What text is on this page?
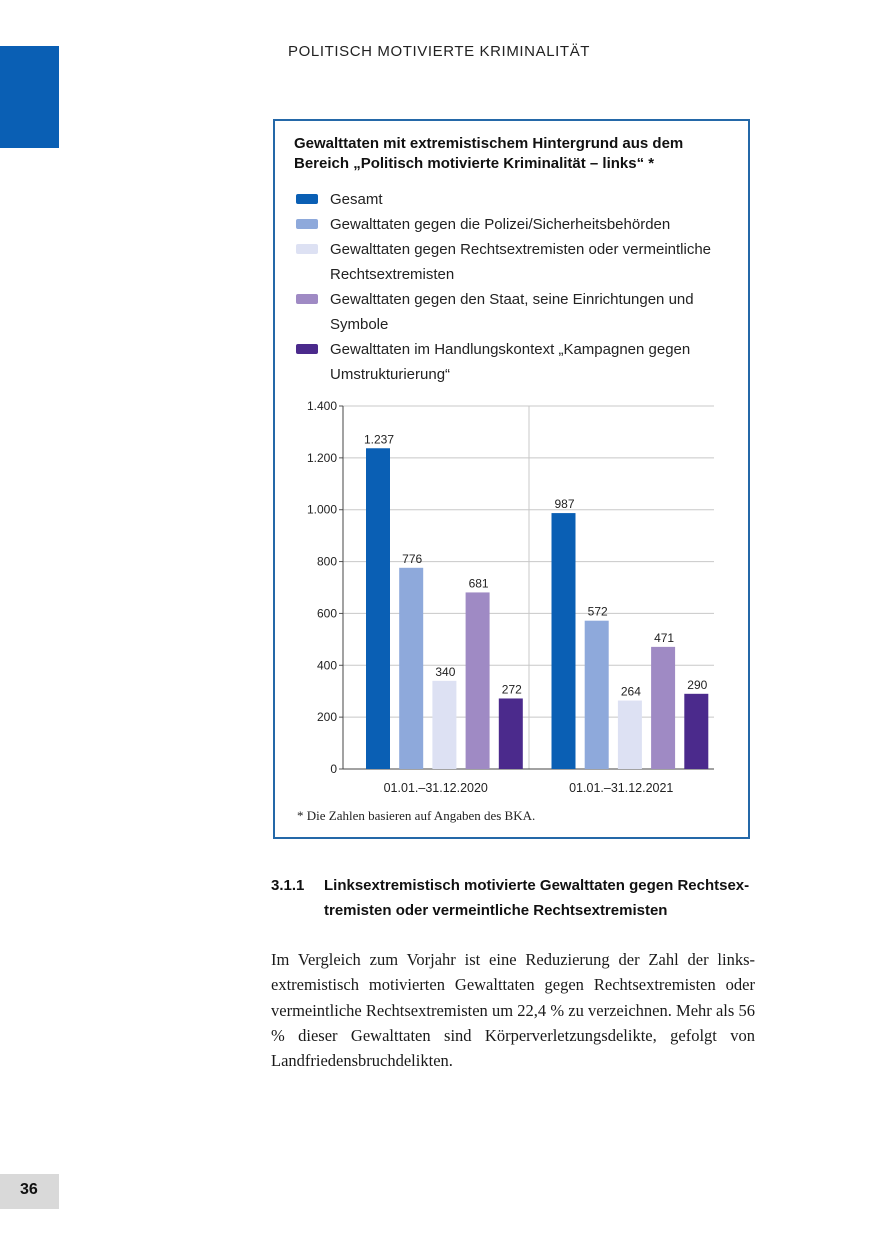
POLITISCH MOTIVIERTE KRIMINALITÄT
Gewalttaten mit extremistischem Hintergrund aus dem Bereich „Politisch motivierte Kriminalität – links“ *
Gesamt
Gewalttaten gegen die Polizei/Sicherheitsbehörden
Gewalttaten gegen Rechtsextremisten oder vermeintliche Rechtsextremisten
Gewalttaten gegen den Staat, seine Einrichtungen und Symbole
Gewalttaten im Handlungskontext „Kampagnen gegen Umstrukturierung“
0
200
400
600
800
1.000
1.200
1.400
1.237
776
340
681
272
01.01.–31.12.2020
987
572
264
471
290
01.01.–31.12.2021
* Die Zahlen basieren auf Angaben des BKA.
3.1.1 Linksextremistisch motivierte Gewalttaten gegen Rechtsex- tremisten oder vermeintliche Rechtsextremisten
Im Vergleich zum Vorjahr ist eine Reduzierung der Zahl der links- extremistisch motivierten Gewalttaten gegen Rechtsextremisten oder vermeintliche Rechtsextremisten um 22,4 % zu verzeichnen. Mehr als 56 % dieser Gewalttaten sind Körperverletzungsdelikte, gefolgt von Landfriedensbruchdelikten.
36
